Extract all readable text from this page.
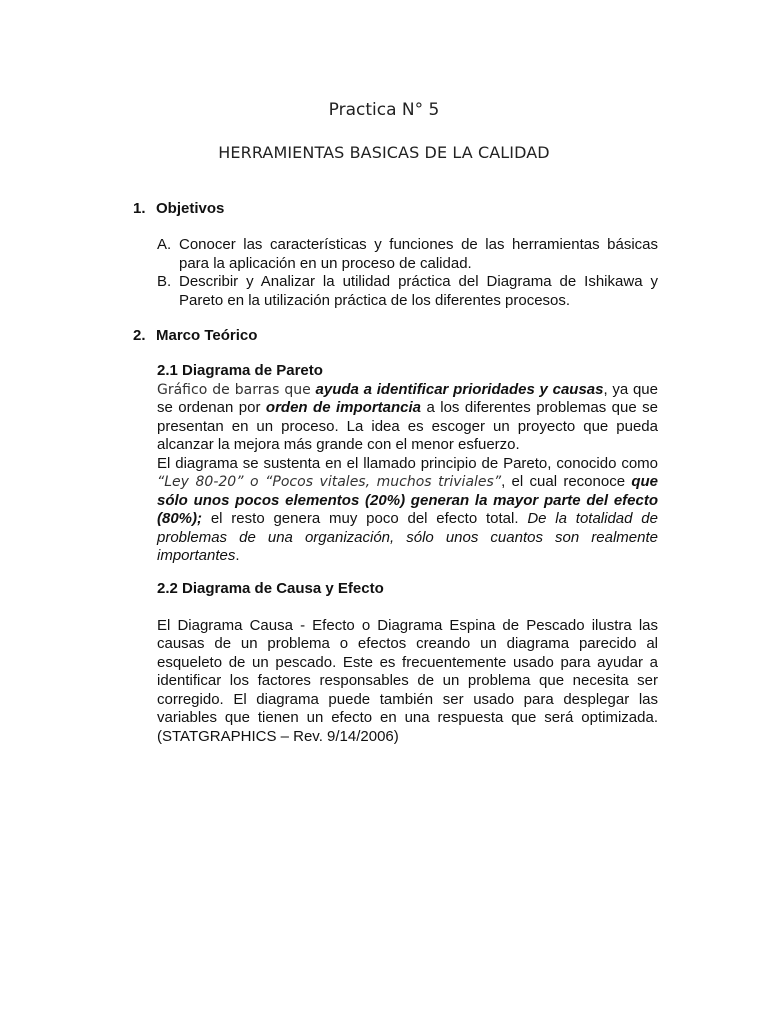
Practica N° 5
HERRAMIENTAS BASICAS DE LA CALIDAD
1. Objetivos
A. Conocer las características y funciones de las herramientas básicas para la aplicación en un proceso de calidad.
B. Describir y Analizar la utilidad práctica del Diagrama de Ishikawa y Pareto en la utilización práctica de los diferentes procesos.
2. Marco Teórico
2.1 Diagrama de Pareto

Gráfico de barras que ayuda a identificar prioridades y causas, ya que se ordenan por orden de importancia a los diferentes problemas que se presentan en un proceso. La idea es escoger un proyecto que pueda alcanzar la mejora más grande con el menor esfuerzo.

El diagrama se sustenta en el llamado principio de Pareto, conocido como “Ley 80-20” o “Pocos vitales, muchos triviales”, el cual reconoce que sólo unos pocos elementos (20%) generan la mayor parte del efecto (80%); el resto genera muy poco del efecto total. De la totalidad de problemas de una organización, sólo unos cuantos son realmente importantes.

2.2 Diagrama de Causa y Efecto

El Diagrama Causa - Efecto o Diagrama Espina de Pescado ilustra las causas de un problema o efectos creando un diagrama parecido al esqueleto de un pescado. Este es frecuentemente usado para ayudar a identificar los factores responsables de un problema que necesita ser corregido. El diagrama puede también ser usado para desplegar las variables que tienen un efecto en una respuesta que será optimizada. (STATGRAPHICS – Rev. 9/14/2006)
